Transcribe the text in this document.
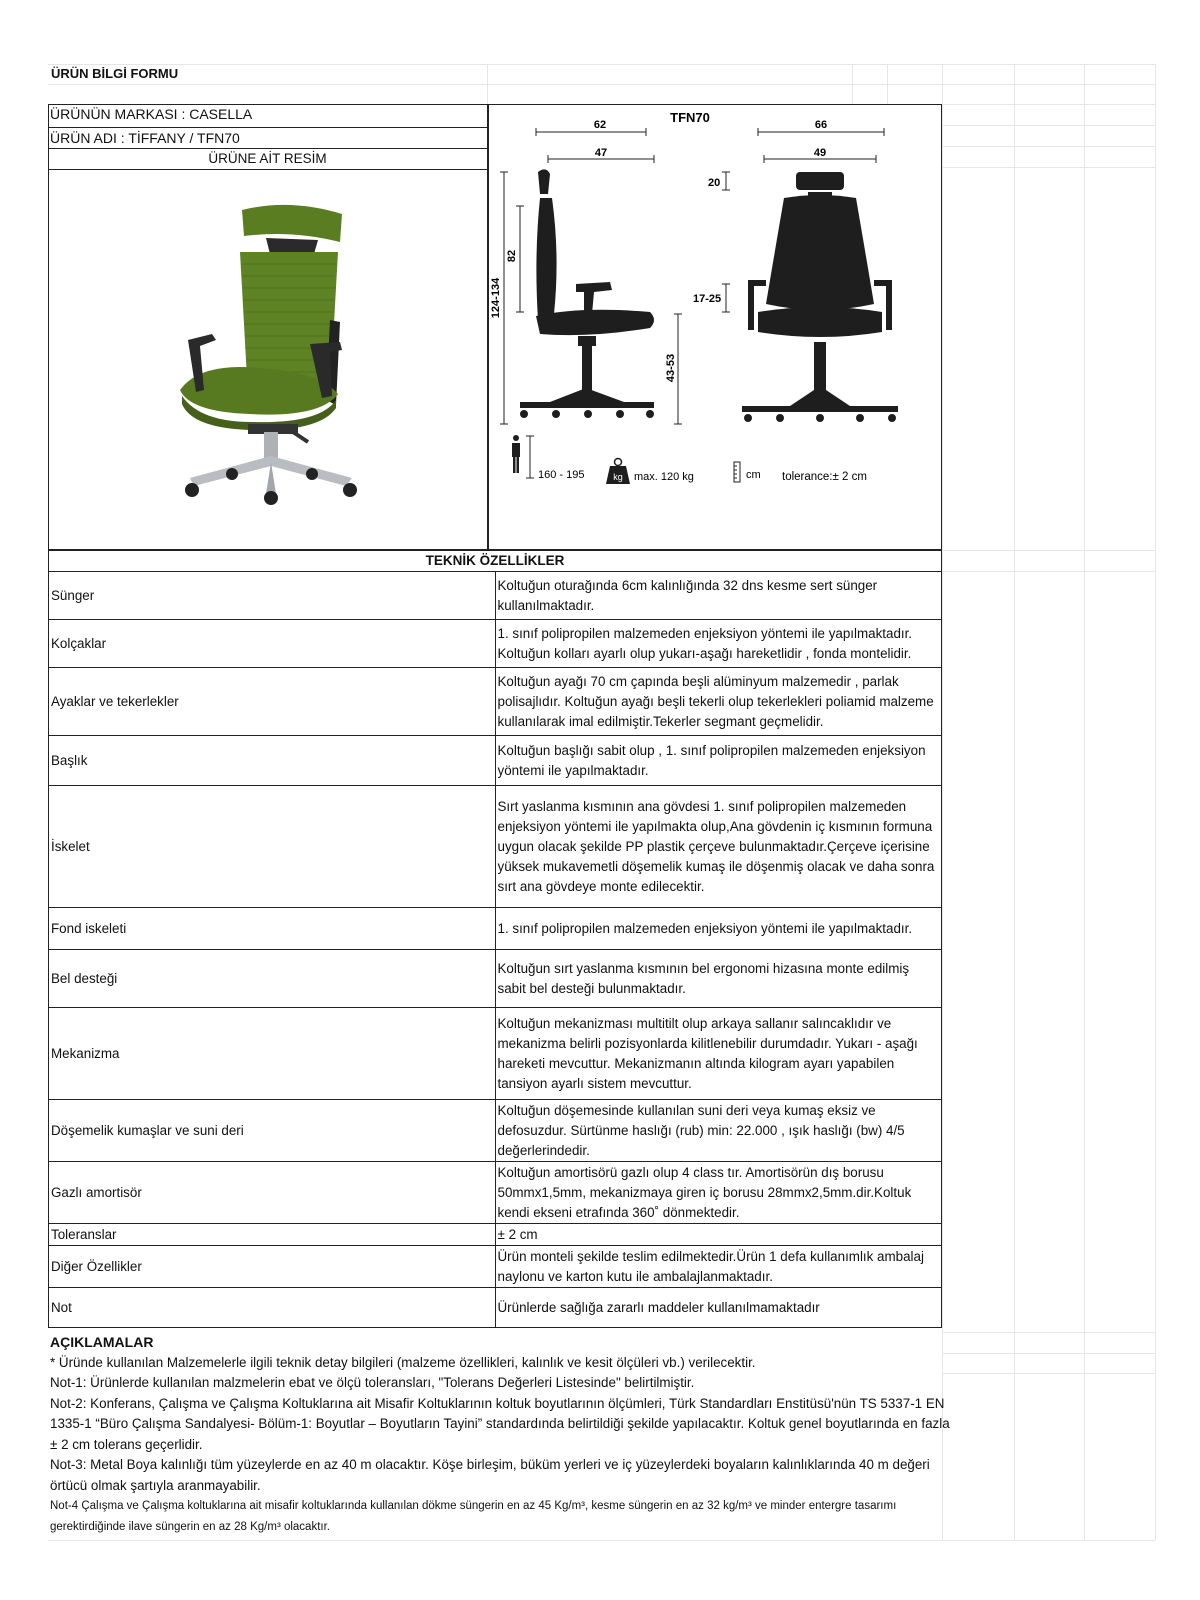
ÜRÜN BİLGİ FORMU
ÜRÜNÜN MARKASI : CASELLA
ÜRÜN ADI : TİFFANY / TFN70
ÜRÜNE AİT RESİM
TFN70
62
47
66
49
124-134
82
43-53
20
17-25
160 - 195	kg max. 120 kg	cm tolerance:± 2 cm
TEKNİK ÖZELLİKLER	
Sünger	Koltuğun oturağında 6cm kalınlığında 32 dns kesme sert sünger kullanılmaktadır.
Kolçaklar	1. sınıf polipropilen malzemeden enjeksiyon yöntemi ile yapılmaktadır. Koltuğun kolları ayarlı olup yukarı-aşağı hareketlidir , fonda montelidir.
Ayaklar ve tekerlekler	Koltuğun ayağı 70 cm çapında beşli alüminyum malzemedir , parlak polisajlıdır. Koltuğun ayağı beşli tekerli olup tekerlekleri poliamid malzeme kullanılarak imal edilmiştir.Tekerler segmant geçmelidir.
Başlık	Koltuğun başlığı sabit olup , 1. sınıf polipropilen malzemeden enjeksiyon yöntemi ile yapılmaktadır.
İskelet	Sırt yaslanma kısmının ana gövdesi 1. sınıf polipropilen malzemeden enjeksiyon yöntemi ile yapılmakta olup,Ana gövdenin iç kısmının formuna uygun olacak şekilde PP plastik çerçeve bulunmaktadır.Çerçeve içerisine yüksek mukavemetli döşemelik kumaş ile döşenmiş olacak ve daha sonra sırt ana gövdeye monte edilecektir.
Fond iskeleti	1. sınıf polipropilen malzemeden enjeksiyon yöntemi ile yapılmaktadır.
Bel desteği	Koltuğun sırt yaslanma kısmının bel ergonomi hizasına monte edilmiş sabit bel desteği bulunmaktadır.
Mekanizma	Koltuğun mekanizması multitilt olup arkaya sallanır salıncaklıdır ve mekanizma belirli pozisyonlarda kilitlenebilir durumdadır. Yukarı - aşağı hareketi mevcuttur. Mekanizmanın altında kilogram ayarı yapabilen tansiyon ayarlı sistem mevcuttur.
Döşemelik kumaşlar ve suni deri	Koltuğun döşemesinde kullanılan suni deri veya kumaş eksiz ve defosuzdur. Sürtünme haslığı (rub) min: 22.000 , ışık haslığı (bw) 4/5 değerlerindedir.
Gazlı amortisör	Koltuğun amortisörü gazlı olup 4 class tır. Amortisörün dış borusu 50mmx1,5mm, mekanizmaya giren iç borusu 28mmx2,5mm.dir.Koltuk kendi ekseni etrafında 360˚ dönmektedir.
Toleranslar	± 2 cm
Diğer Özellikler	Ürün monteli şekilde teslim edilmektedir.Ürün 1 defa kullanımlık ambalaj naylonu ve karton kutu ile ambalajlanmaktadır.
Not	Ürünlerde sağlığa zararlı maddeler kullanılmamaktadır
AÇIKLAMALAR
* Üründe kullanılan Malzemelerle ilgili teknik detay bilgileri (malzeme özellikleri, kalınlık ve kesit ölçüleri vb.) verilecektir.
Not-1: Ürünlerde kullanılan malzmelerin ebat ve ölçü toleransları, "Tolerans Değerleri Listesinde" belirtilmiştir.
Not-2: Konferans, Çalışma ve Çalışma Koltuklarına ait Misafir Koltuklarının koltuk boyutlarının ölçümleri, Türk Standardları Enstitüsü'nün TS 5337-1 EN 1335-1 “Büro Çalışma Sandalyesi- Bölüm-1: Boyutlar – Boyutların Tayini” standardında belirtildiği şekilde yapılacaktır. Koltuk genel boyutlarında en fazla ± 2 cm tolerans geçerlidir.
Not-3: Metal Boya kalınlığı tüm yüzeylerde en az 40 m olacaktır. Köşe birleşim, büküm yerleri ve iç yüzeylerdeki boyaların kalınlıklarında 40 m değeri örtücü olmak şartıyla aranmayabilir.
Not-4 Çalışma ve Çalışma koltuklarına ait misafir koltuklarında kullanılan dökme süngerin en az 45 Kg/m³, kesme süngerin en az 32 kg/m³ ve minder entergre tasarımı gerektirdiğinde ilave süngerin en az 28 Kg/m³ olacaktır.
